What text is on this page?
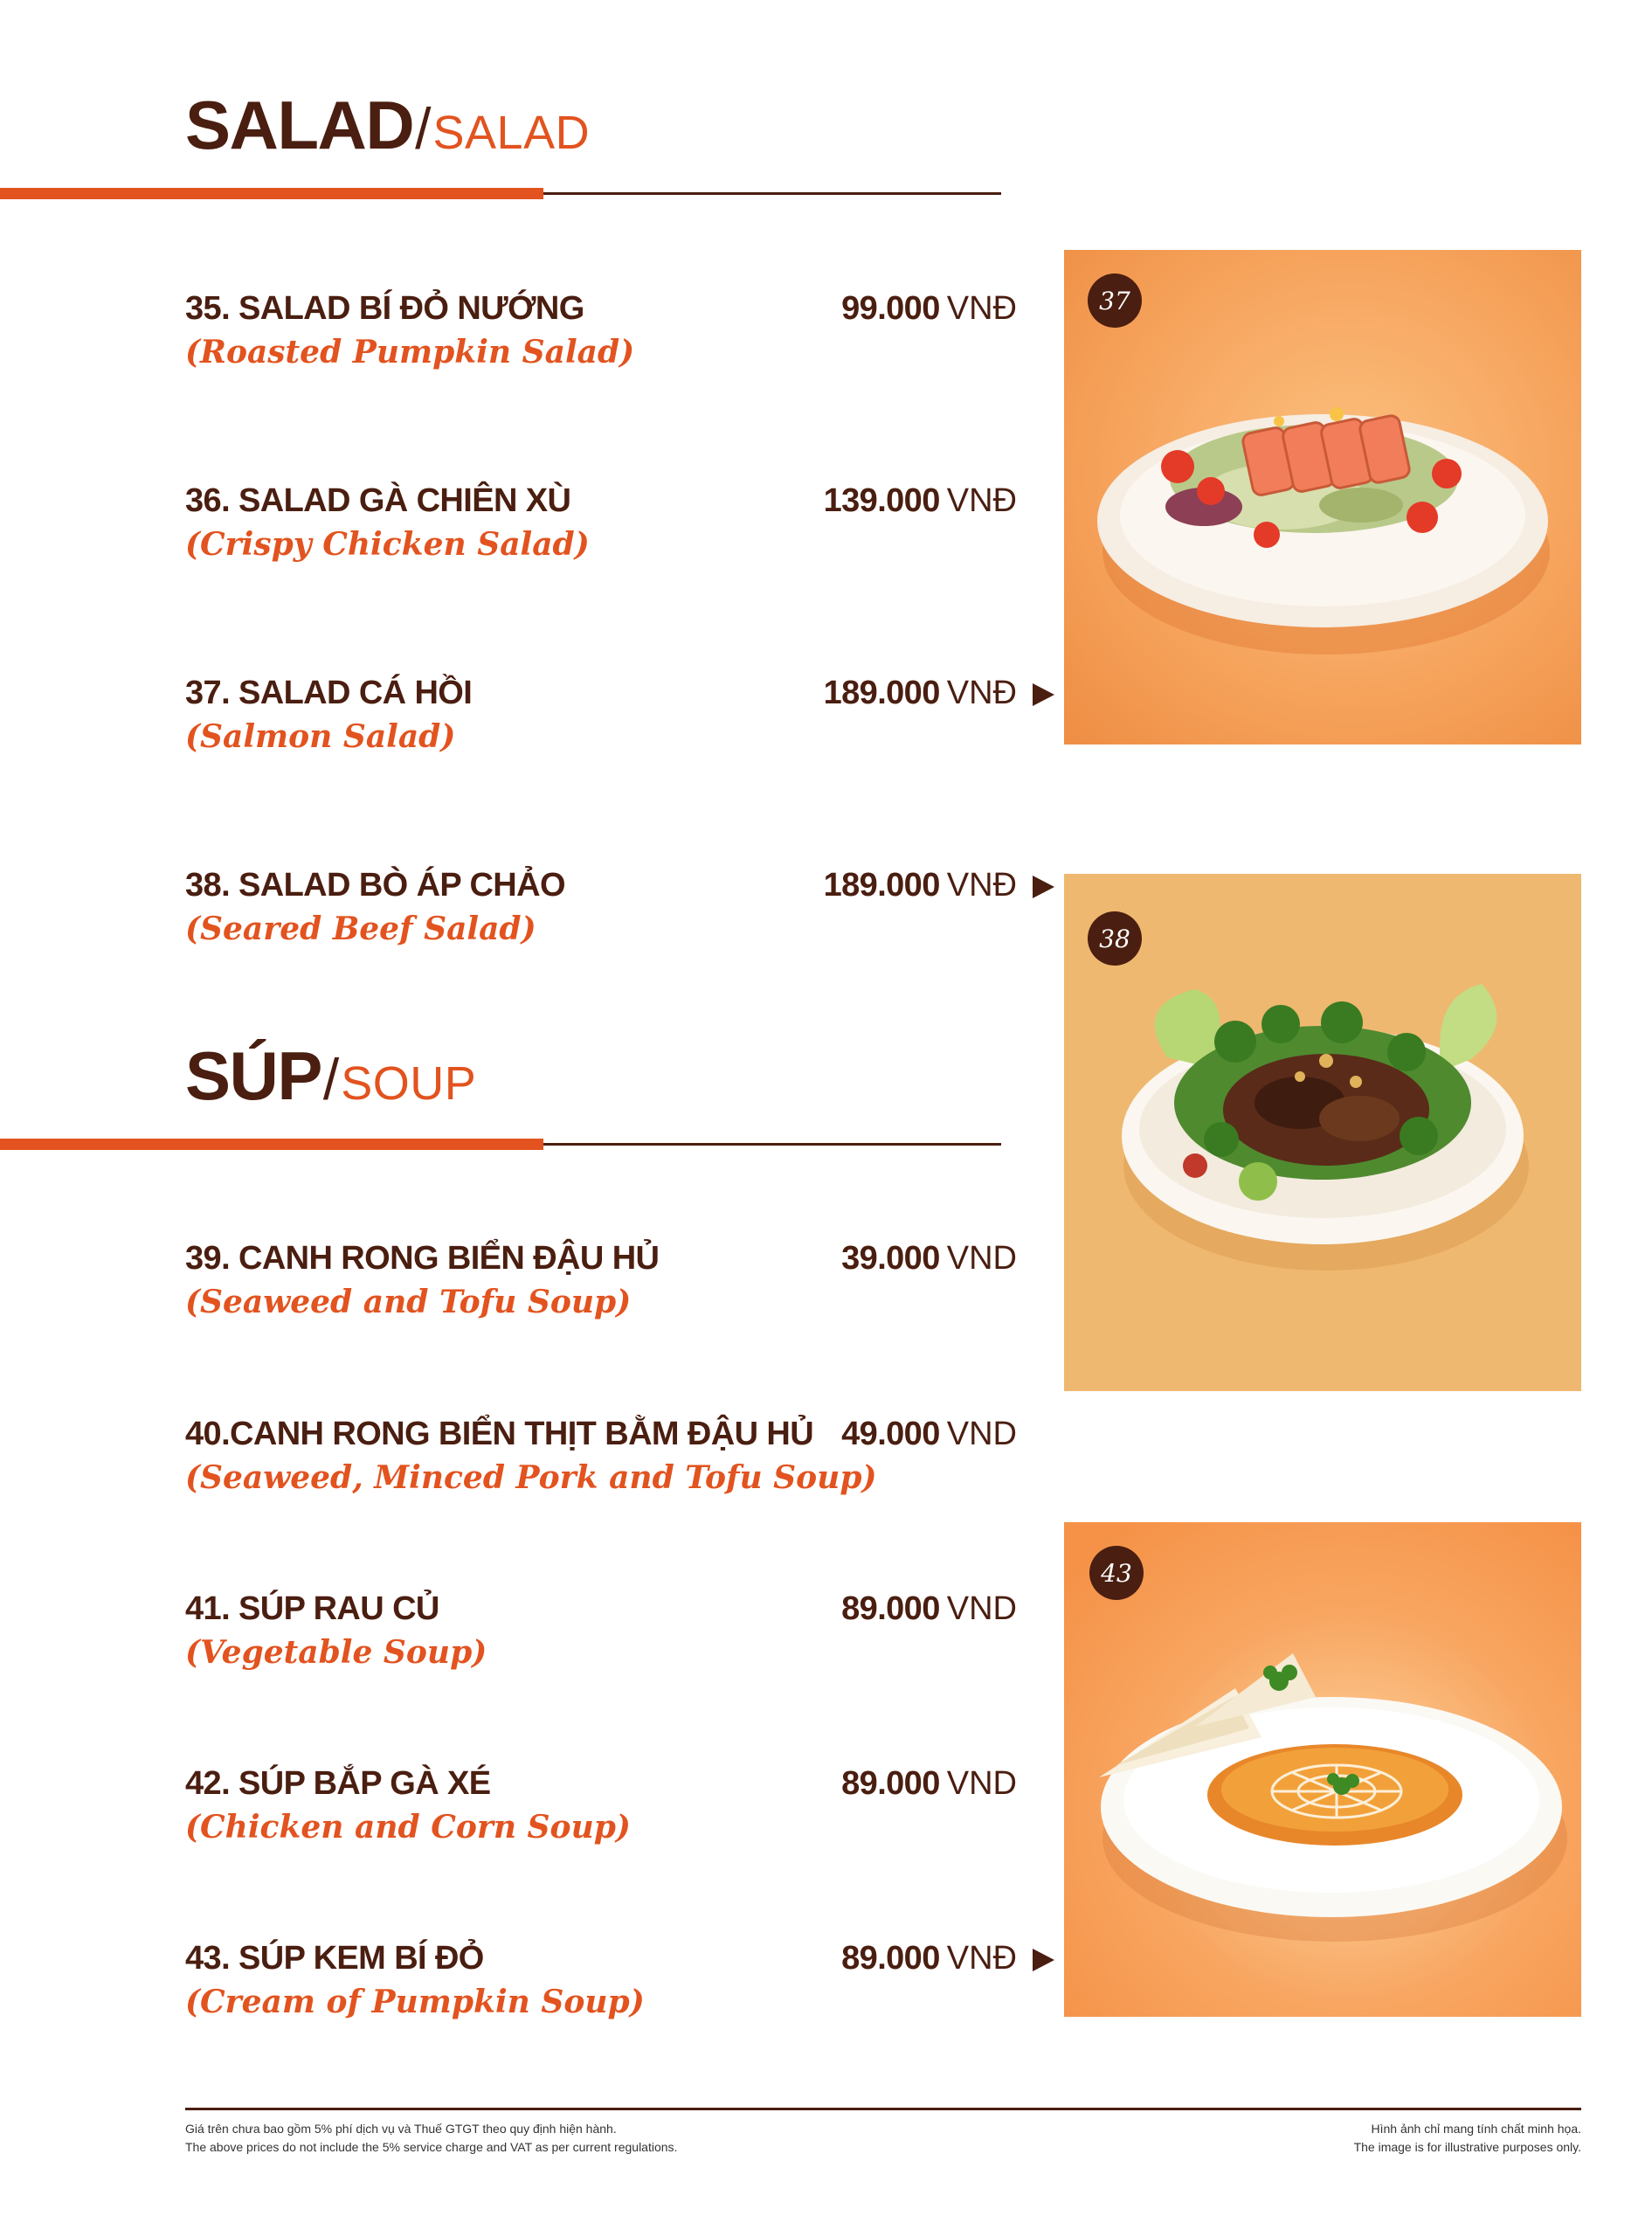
SALAD/SALAD
35. SALAD BÍ ĐỎ NƯỚNG
(Roasted Pumpkin Salad)
99.000 VNĐ
36. SALAD GÀ CHIÊN XÙ
(Crispy Chicken Salad)
139.000 VNĐ
37. SALAD CÁ HỒI
(Salmon Salad)
189.000 VNĐ
38. SALAD BÒ ÁP CHẢO
(Seared Beef Salad)
189.000 VNĐ
SÚP/SOUP
39. CANH RONG BIỂN ĐẬU HỦ
(Seaweed and Tofu Soup)
39.000 VND
40.CANH RONG BIỂN THỊT BẰM ĐẬU HỦ
(Seaweed, Minced Pork and Tofu Soup)
49.000 VND
41. SÚP RAU CỦ
(Vegetable Soup)
89.000 VND
42. SÚP BẮP GÀ XÉ
(Chicken and Corn Soup)
89.000 VND
43. SÚP KEM BÍ ĐỎ
(Cream of Pumpkin Soup)
89.000 VNĐ
37
38
43
Giá trên chưa bao gồm 5% phí dịch vụ và Thuế GTGT theo quy định hiện hành.
The above prices do not include the 5% service charge and VAT as per current regulations.
Hình ảnh chỉ mang tính chất minh họa.
The image is for illustrative purposes only.
